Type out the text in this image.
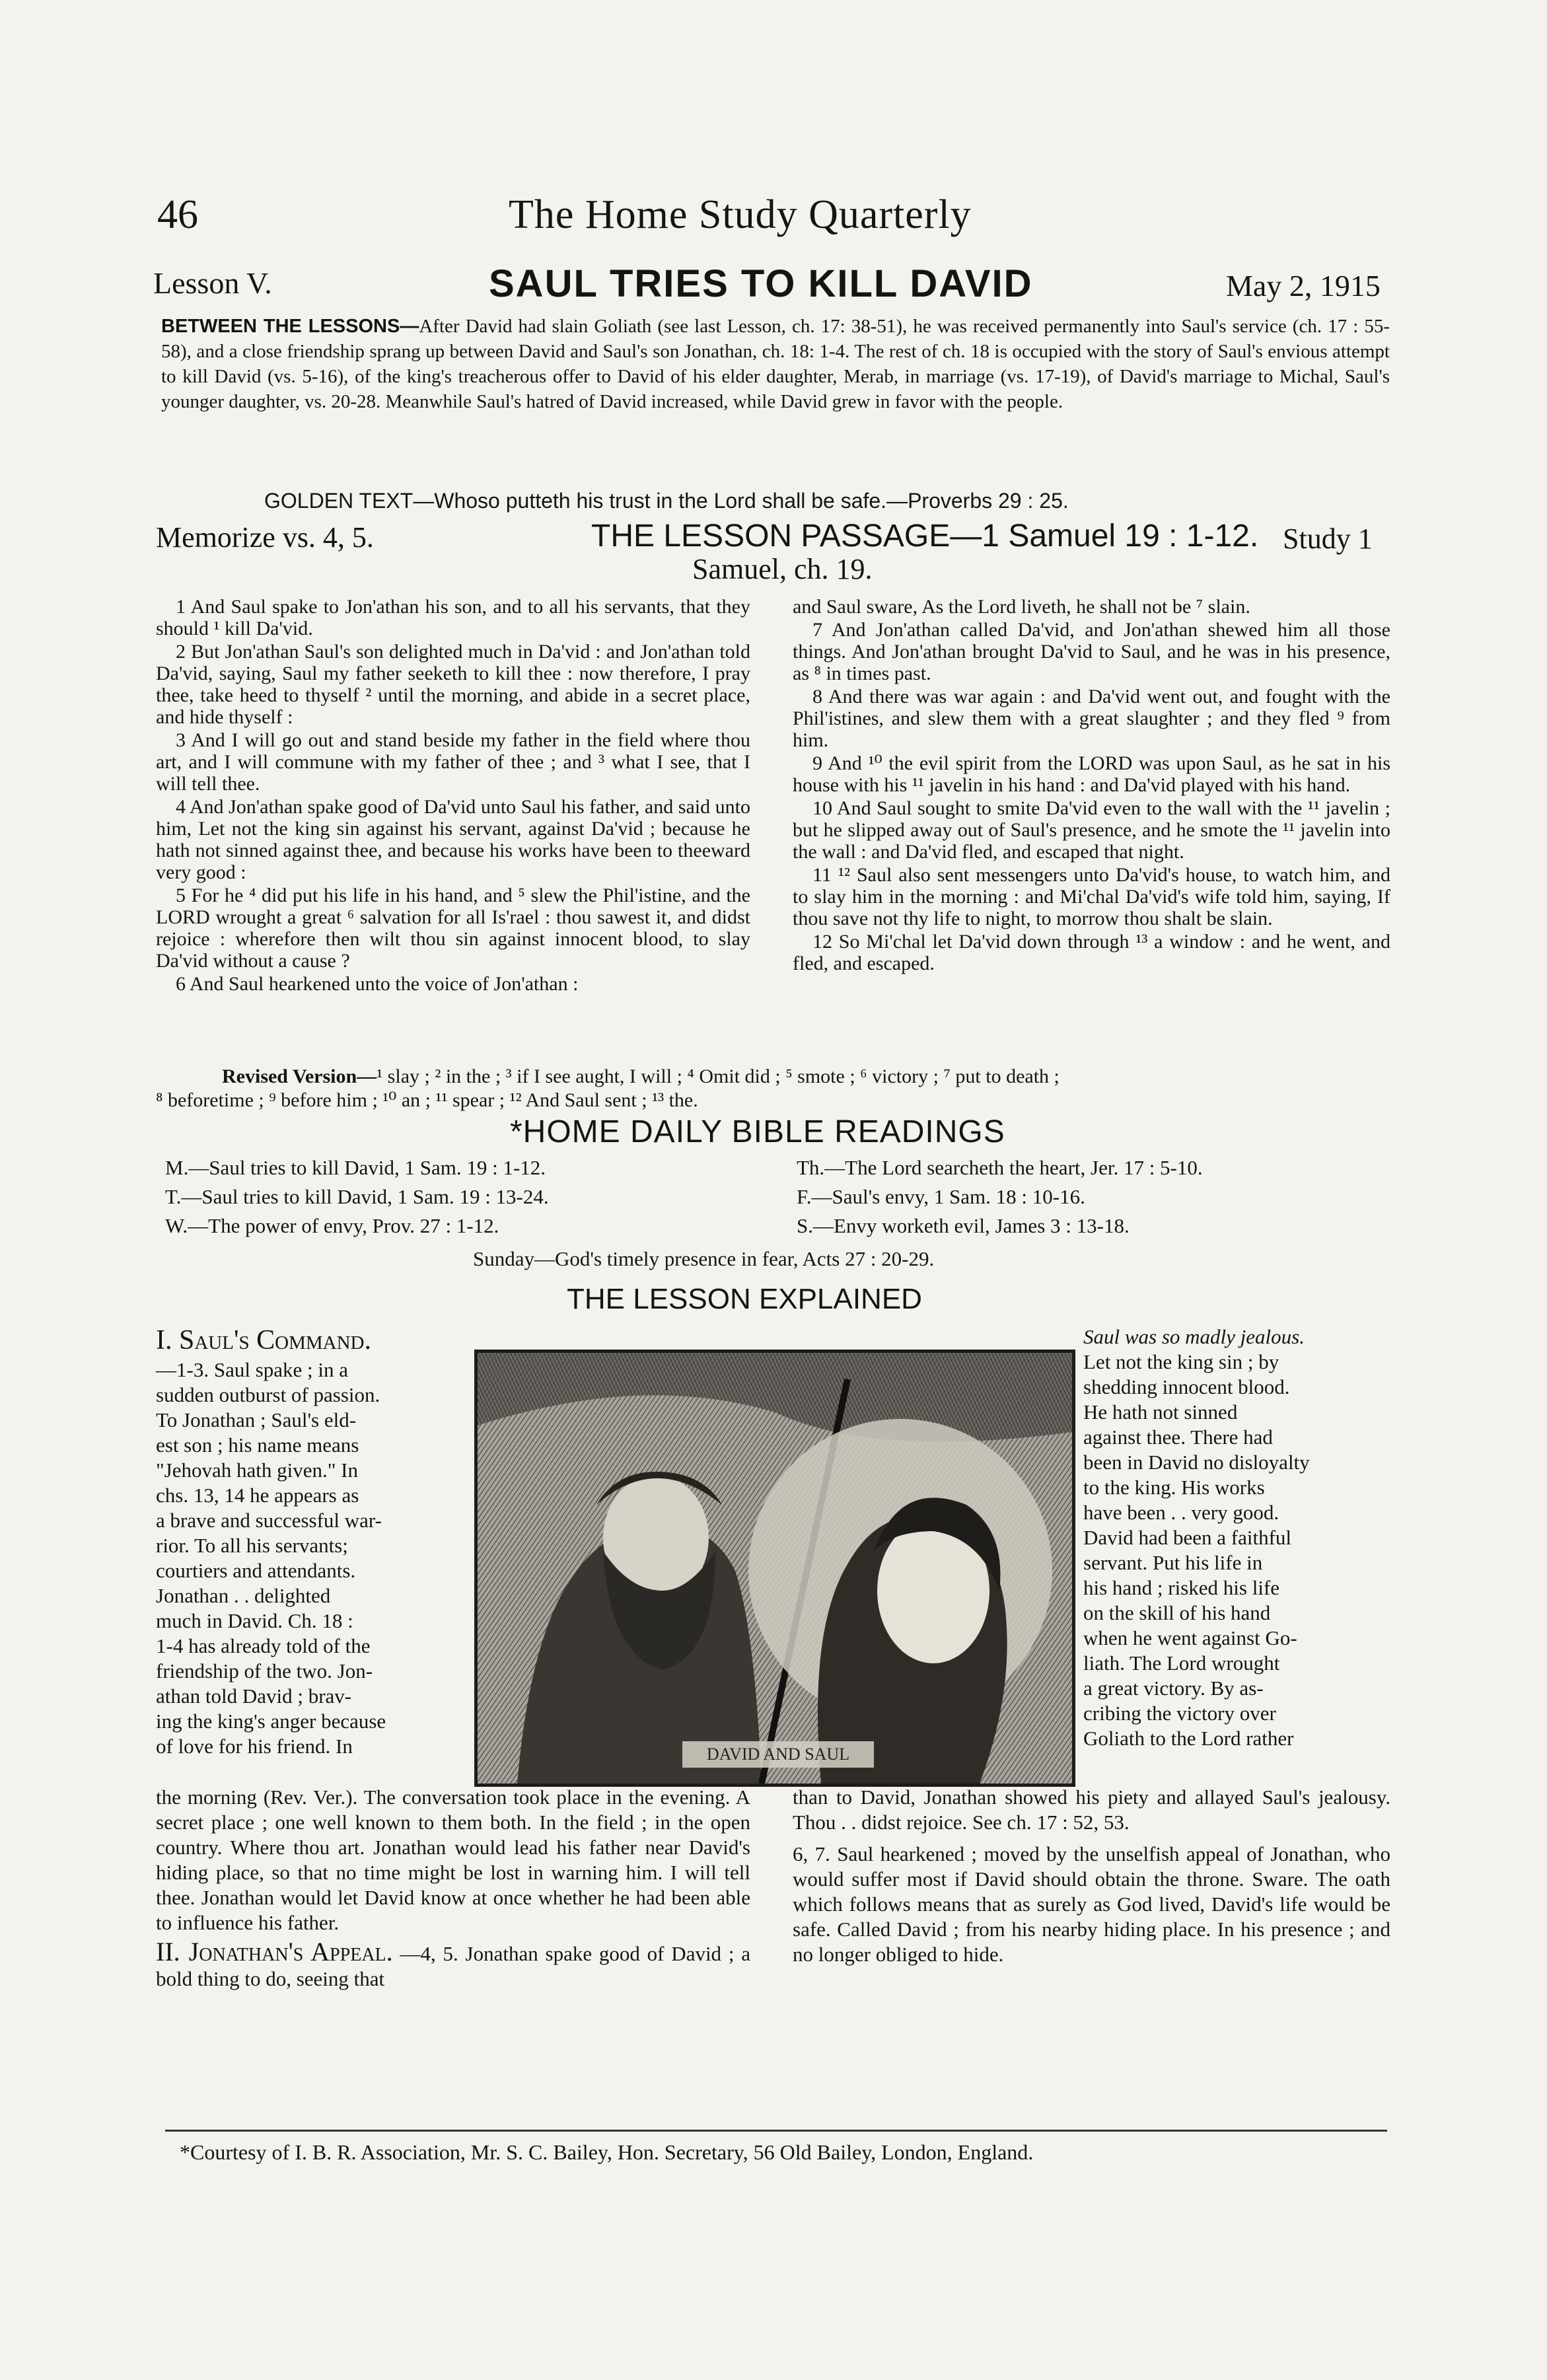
46	The Home Study Quarterly
Lesson V.	SAUL TRIES TO KILL DAVID	May 2, 1915
BETWEEN THE LESSONS—After David had slain Goliath (see last Lesson, ch. 17: 38-51), he was received permanently into Saul's service (ch. 17 : 55-58), and a close friendship sprang up between David and Saul's son Jonathan, ch. 18: 1-4. The rest of ch. 18 is occupied with the story of Saul's envious attempt to kill David (vs. 5-16), of the king's treacherous offer to David of his elder daughter, Merab, in marriage (vs. 17-19), of David's marriage to Michal, Saul's younger daughter, vs. 20-28. Meanwhile Saul's hatred of David increased, while David grew in favor with the people.
GOLDEN TEXT—Whoso putteth his trust in the Lord shall be safe.—Proverbs 29 : 25.
Memorize vs. 4, 5.	THE LESSON PASSAGE—1 Samuel 19 : 1-12. Study 1
Samuel, ch. 19.

1 And Saul spake to Jon'athan his son, and to all his servants, that they should ¹ kill Da'vid.

2 But Jon'athan Saul's son delighted much in Da'vid : and Jon'athan told Da'vid, saying, Saul my father seeketh to kill thee : now therefore, I pray thee, take heed to thyself ² until the morning, and abide in a secret place, and hide thyself :

3 And I will go out and stand beside my father in the field where thou art, and I will commune with my father of thee ; and ³ what I see, that I will tell thee.

4 And Jon'athan spake good of Da'vid unto Saul his father, and said unto him, Let not the king sin against his servant, against Da'vid ; because he hath not sinned against thee, and because his works have been to theeward very good :

5 For he ⁴ did put his life in his hand, and ⁵ slew the Phil'istine, and the LORD wrought a great ⁶ salvation for all Is'rael : thou sawest it, and didst rejoice : wherefore then wilt thou sin against innocent blood, to slay Da'vid without a cause ?

6 And Saul hearkened unto the voice of Jon'athan :

and Saul sware, As the Lord liveth, he shall not be ⁷ slain.

7 And Jon'athan called Da'vid, and Jon'athan shewed him all those things. And Jon'athan brought Da'vid to Saul, and he was in his presence, as ⁸ in times past.

8 And there was war again : and Da'vid went out, and fought with the Phil'istines, and slew them with a great slaughter ; and they fled ⁹ from him.

9 And ¹⁰ the evil spirit from the LORD was upon Saul, as he sat in his house with his ¹¹ javelin in his hand : and Da'vid played with his hand.

10 And Saul sought to smite Da'vid even to the wall with the ¹¹ javelin ; but he slipped away out of Saul's presence, and he smote the ¹¹ javelin into the wall : and Da'vid fled, and escaped that night.

11 ¹² Saul also sent messengers unto Da'vid's house, to watch him, and to slay him in the morning : and Mi'chal Da'vid's wife told him, saying, If thou save not thy life to night, to morrow thou shalt be slain.

12 So Mi'chal let Da'vid down through ¹³ a window : and he went, and fled, and escaped.

Revised Version—¹ slay ; ² in the ; ³ if I see aught, I will ; ⁴ Omit did ; ⁵ smote ; ⁶ victory ; ⁷ put to death ;
⁸ beforetime ; ⁹ before him ; ¹⁰ an ; ¹¹ spear ; ¹² And Saul sent ; ¹³ the.
*HOME DAILY BIBLE READINGS
M.—Saul tries to kill David, 1 Sam. 19 : 1-12.
T.—Saul tries to kill David, 1 Sam. 19 : 13-24.
W.—The power of envy, Prov. 27 : 1-12.
Th.—The Lord searcheth the heart, Jer. 17 : 5-10.
F.—Saul's envy, 1 Sam. 18 : 10-16.
S.—Envy worketh evil, James 3 : 13-18.
Sunday—God's timely presence in fear, Acts 27 : 20-29.
THE LESSON EXPLAINED
I. Saul's Command.
—1-3. Saul spake ; in a
sudden outburst of passion.
To Jonathan ; Saul's eld-
est son ; his name means
"Jehovah hath given." In
chs. 13, 14 he appears as
a brave and successful war-
rior. To all his servants;
courtiers and attendants.
Jonathan . . delighted
much in David. Ch. 18 :
1-4 has already told of the
friendship of the two. Jon-
athan told David ; brav-
ing the king's anger because
of love for his friend. In	DAVID AND SAUL
Saul was so madly jealous.
Let not the king sin ; by
shedding innocent blood.
He hath not sinned
against thee. There had
been in David no disloyalty
to the king. His works
have been . . very good.
David had been a faithful
servant. Put his life in
his hand ; risked his life
on the skill of his hand
when he went against Go-
liath. The Lord wrought
a great victory. By as-
cribing the victory over
Goliath to the Lord rather
the morning (Rev. Ver.). The conversation took place in the evening. A secret place ; one well known to them both. In the field ; in the open country. Where thou art. Jonathan would lead his father near David's hiding place, so that no time might be lost in warning him. I will tell thee. Jonathan would let David know at once whether he had been able to influence his father.
II. Jonathan's Appeal. —4, 5. Jonathan spake good of David ; a bold thing to do, seeing that
than to David, Jonathan showed his piety and allayed Saul's jealousy. Thou . . didst rejoice. See ch. 17 : 52, 53.
6, 7. Saul hearkened ; moved by the unselfish appeal of Jonathan, who would suffer most if David should obtain the throne. Sware. The oath which follows means that as surely as God lived, David's life would be safe. Called David ; from his nearby hiding place. In his presence ; and no longer obliged to hide.
*Courtesy of I. B. R. Association, Mr. S. C. Bailey, Hon. Secretary, 56 Old Bailey, London, England.
